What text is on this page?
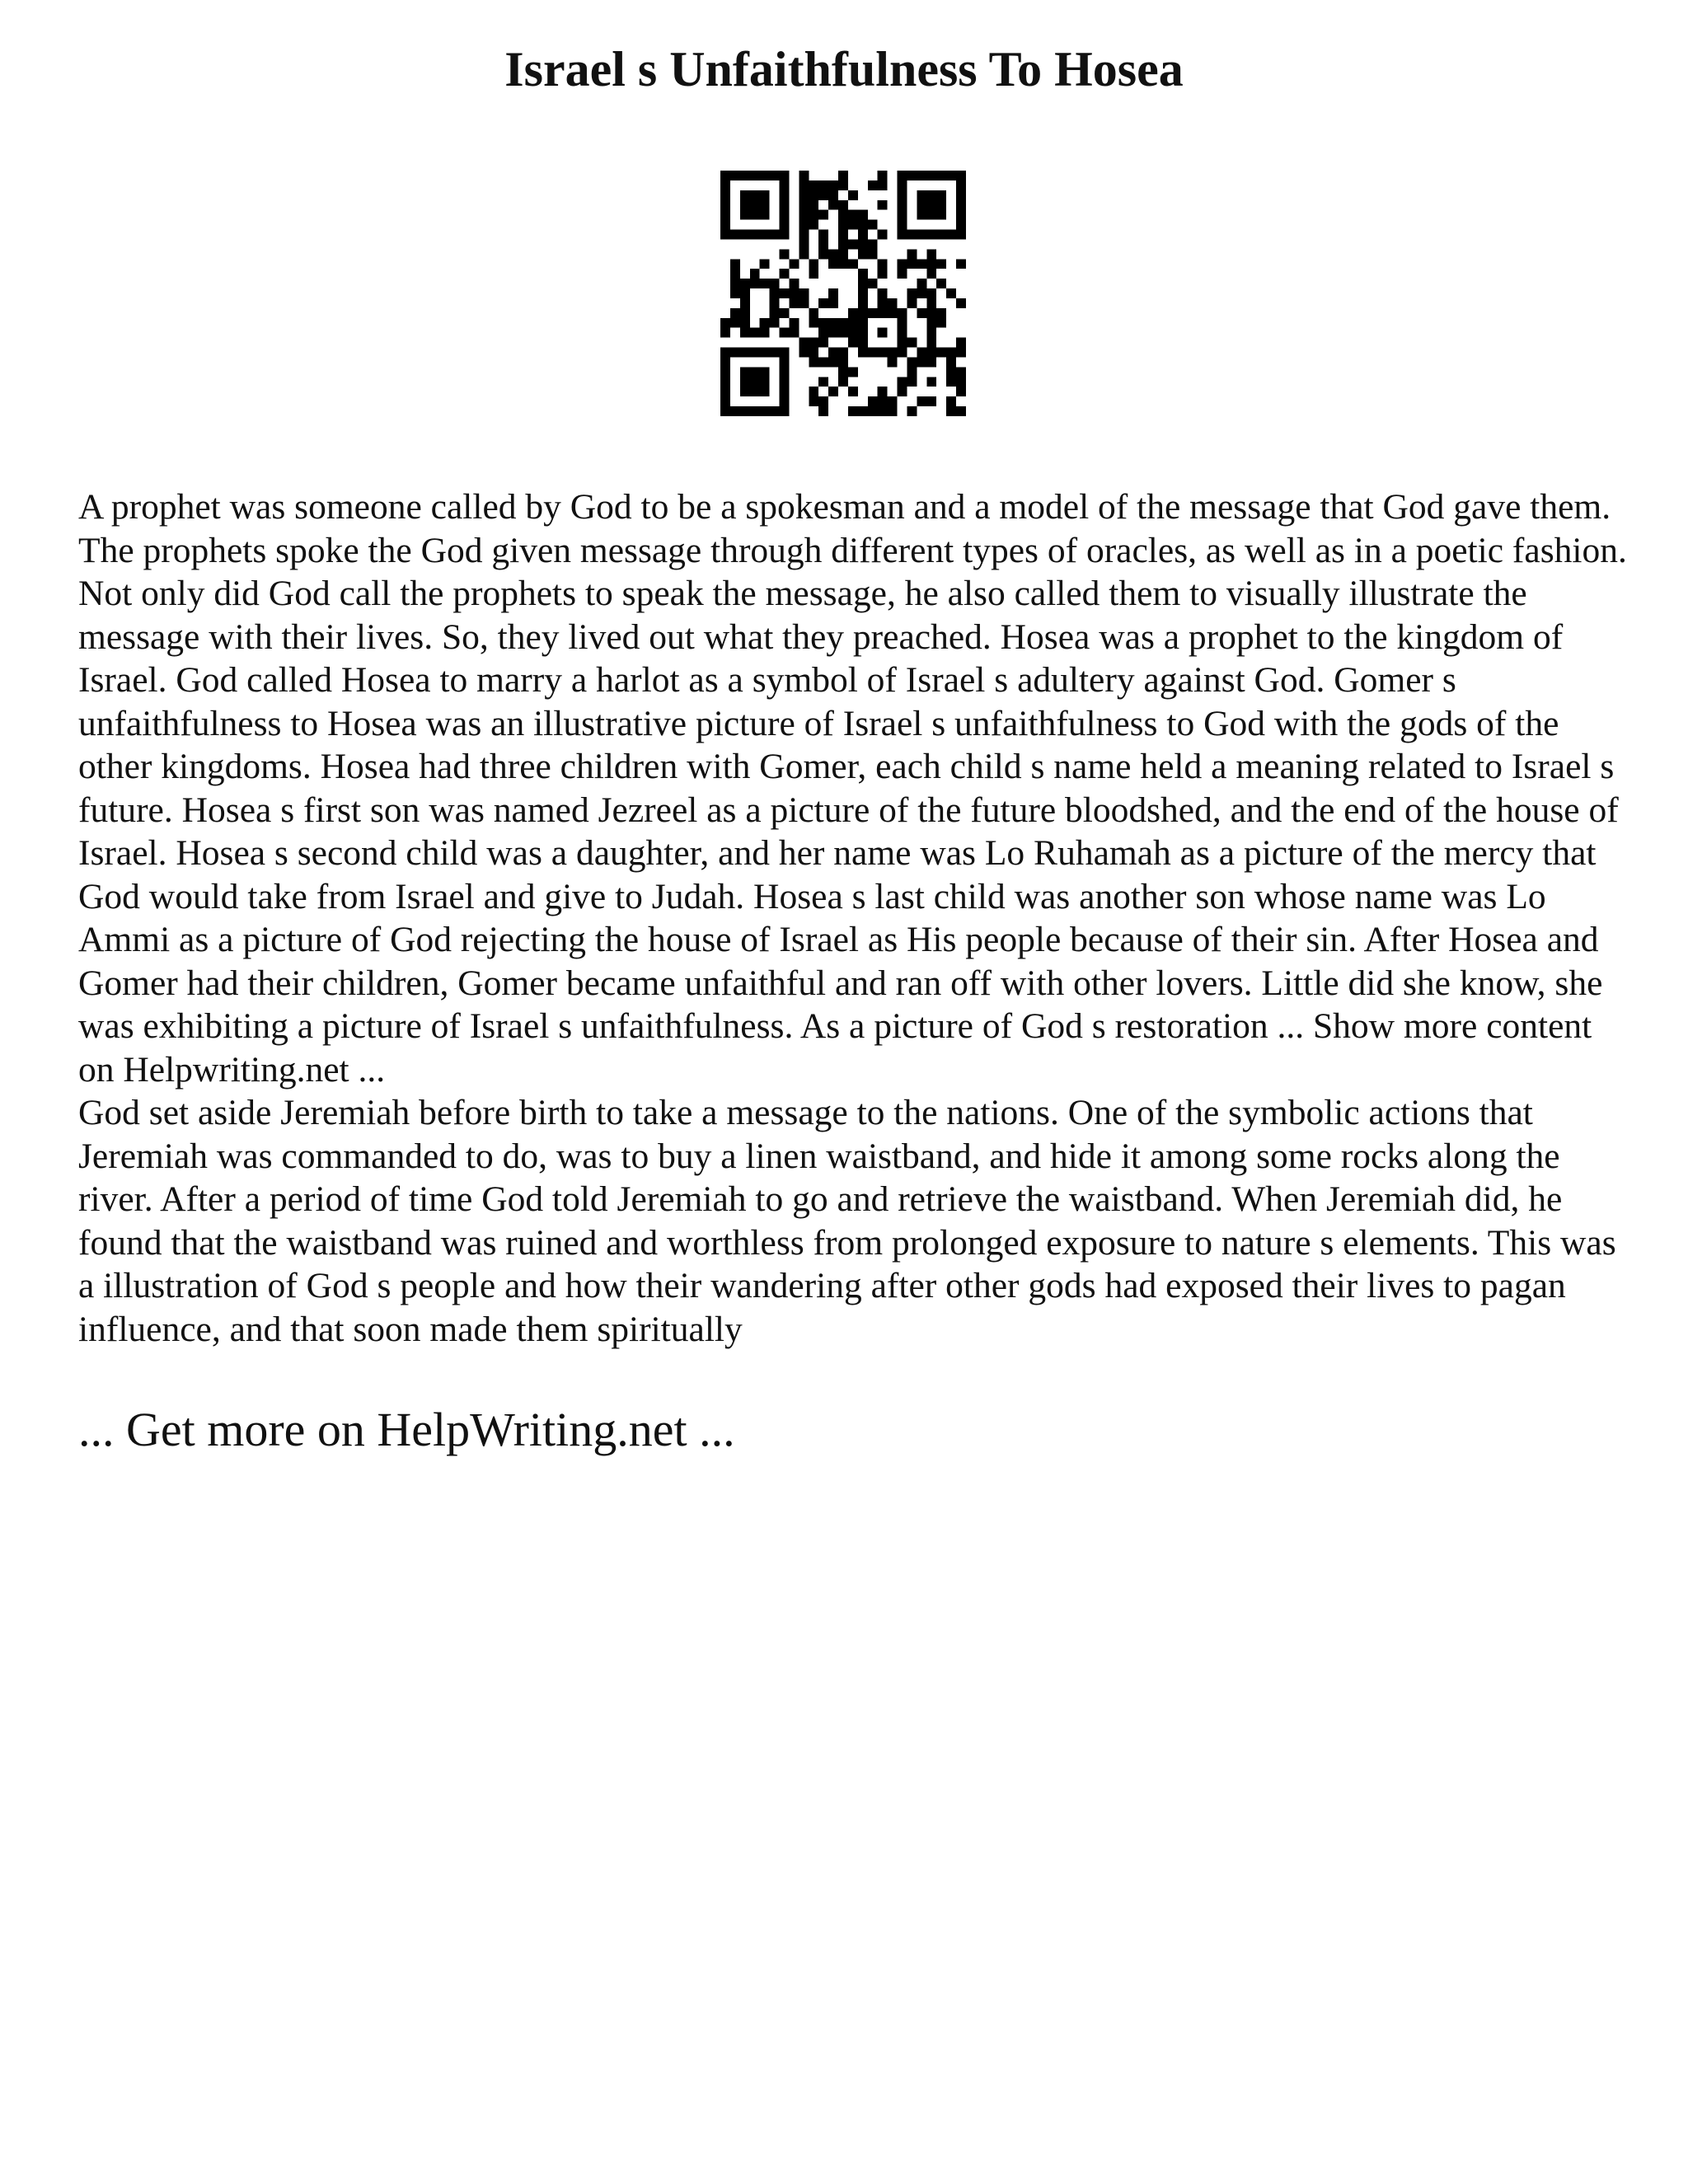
Israel s Unfaithfulness To Hosea

A prophet was someone called by God to be a spokesman and a model of the message that God gave them. The prophets spoke the God given message through different types of oracles, as well as in a poetic fashion. Not only did God call the prophets to speak the message, he also called them to visually illustrate the message with their lives. So, they lived out what they preached. Hosea was a prophet to the kingdom of Israel. God called Hosea to marry a harlot as a symbol of Israel s adultery against God. Gomer s unfaithfulness to Hosea was an illustrative picture of Israel s unfaithfulness to God with the gods of the other kingdoms. Hosea had three children with Gomer, each child s name held a meaning related to Israel s future. Hosea s first son was named Jezreel as a picture of the future bloodshed, and the end of the house of Israel. Hosea s second child was a daughter, and her name was Lo Ruhamah as a picture of the mercy that God would take from Israel and give to Judah. Hosea s last child was another son whose name was Lo Ammi as a picture of God rejecting the house of Israel as His people because of their sin. After Hosea and Gomer had their children, Gomer became unfaithful and ran off with other lovers. Little did she know, she was exhibiting a picture of Israel s unfaithfulness. As a picture of God s restoration ... Show more content on Helpwriting.net ...

God set aside Jeremiah before birth to take a message to the nations. One of the symbolic actions that Jeremiah was commanded to do, was to buy a linen waistband, and hide it among some rocks along the river. After a period of time God told Jeremiah to go and retrieve the waistband. When Jeremiah did, he found that the waistband was ruined and worthless from prolonged exposure to nature s elements. This was a illustration of God s people and how their wandering after other gods had exposed their lives to pagan influence, and that soon made them spiritually

... Get more on HelpWriting.net ...
